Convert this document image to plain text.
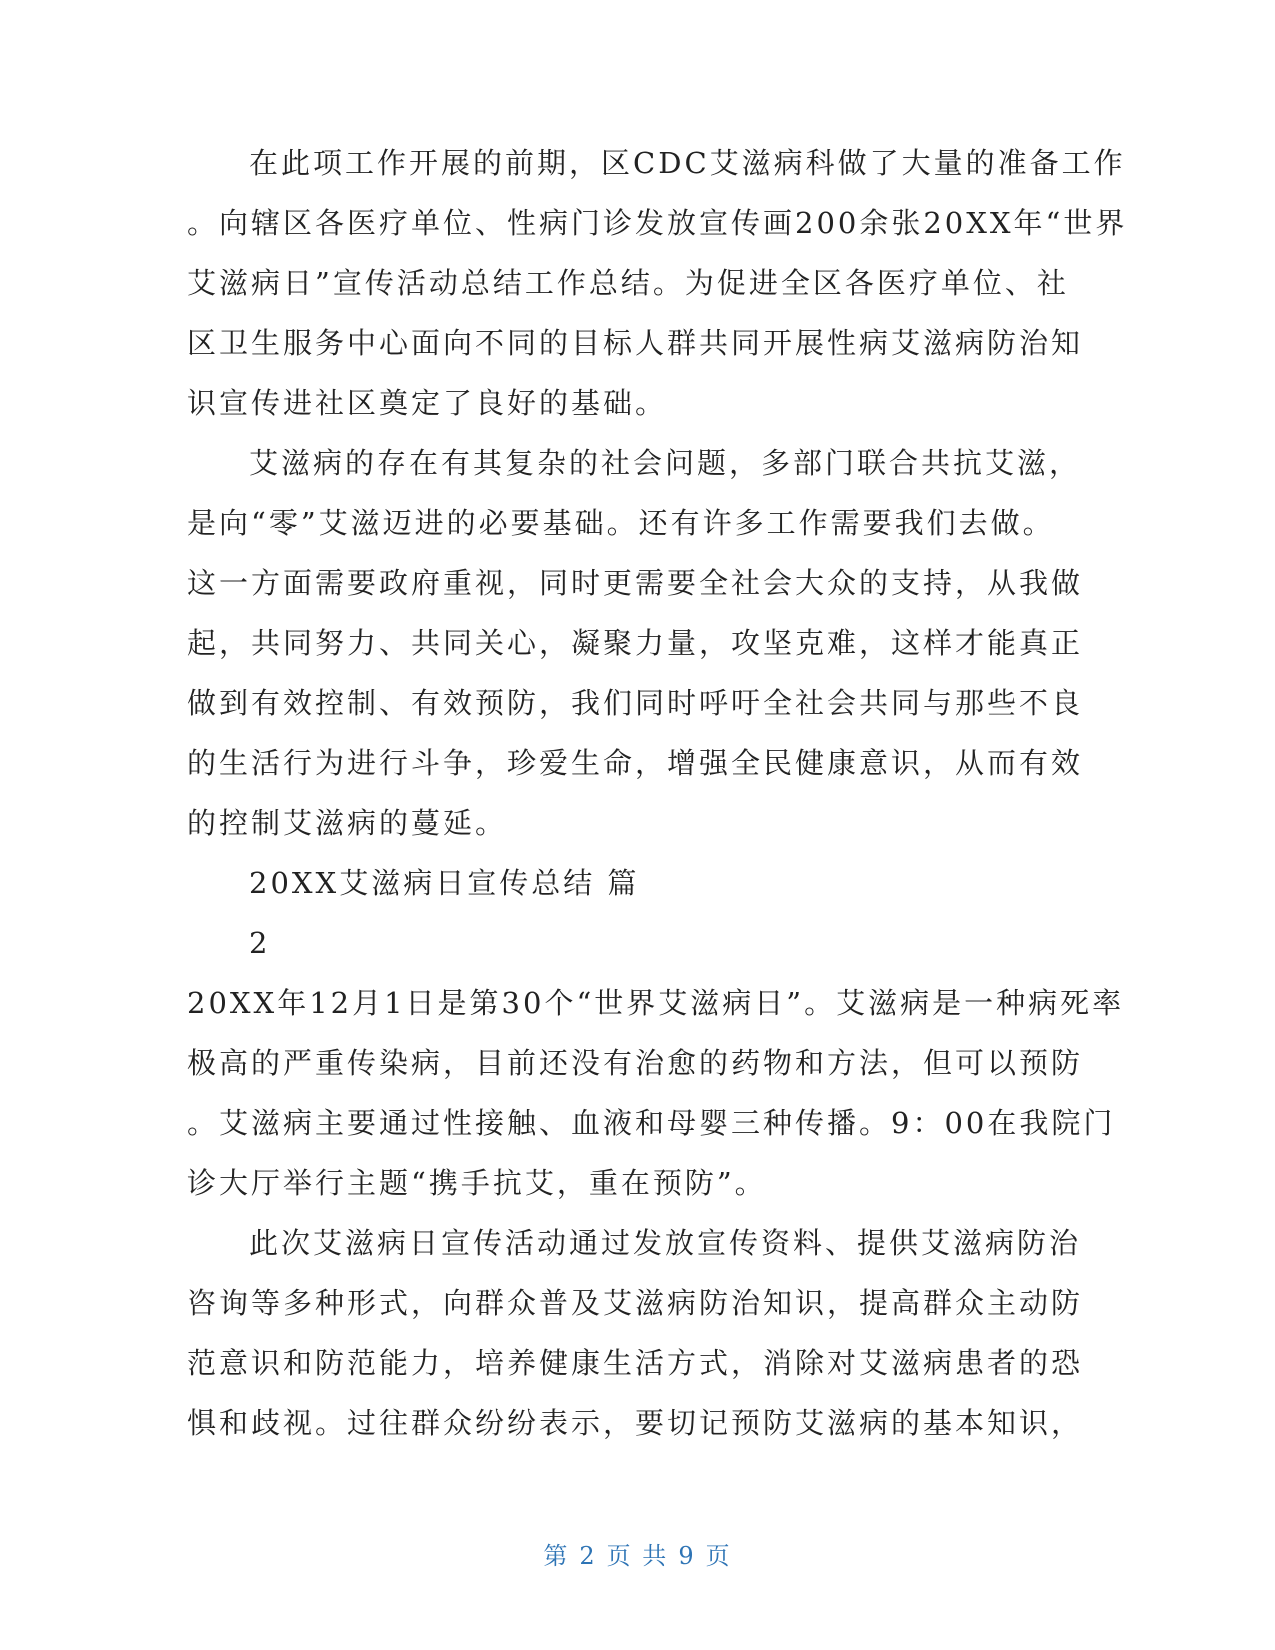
在此项工作开展的前期，区CDC艾滋病科做了大量的准备工作
。向辖区各医疗单位、性病门诊发放宣传画200余张20XX年“世界
艾滋病日”宣传活动总结工作总结。为促进全区各医疗单位、社
区卫生服务中心面向不同的目标人群共同开展性病艾滋病防治知
识宣传进社区奠定了良好的基础。
艾滋病的存在有其复杂的社会问题，多部门联合共抗艾滋，
是向“零”艾滋迈进的必要基础。还有许多工作需要我们去做。
这一方面需要政府重视，同时更需要全社会大众的支持，从我做
起，共同努力、共同关心，凝聚力量，攻坚克难，这样才能真正
做到有效控制、有效预防，我们同时呼吁全社会共同与那些不良
的生活行为进行斗争，珍爱生命，增强全民健康意识，从而有效
的控制艾滋病的蔓延。
20XX艾滋病日宣传总结 篇
2
20XX年12月1日是第30个“世界艾滋病日”。艾滋病是一种病死率
极高的严重传染病，目前还没有治愈的药物和方法，但可以预防
。艾滋病主要通过性接触、血液和母婴三种传播。9：00在我院门
诊大厅举行主题“携手抗艾，重在预防”。
此次艾滋病日宣传活动通过发放宣传资料、提供艾滋病防治
咨询等多种形式，向群众普及艾滋病防治知识，提高群众主动防
范意识和防范能力，培养健康生活方式，消除对艾滋病患者的恐
惧和歧视。过往群众纷纷表示，要切记预防艾滋病的基本知识，
第 2 页 共 9 页
